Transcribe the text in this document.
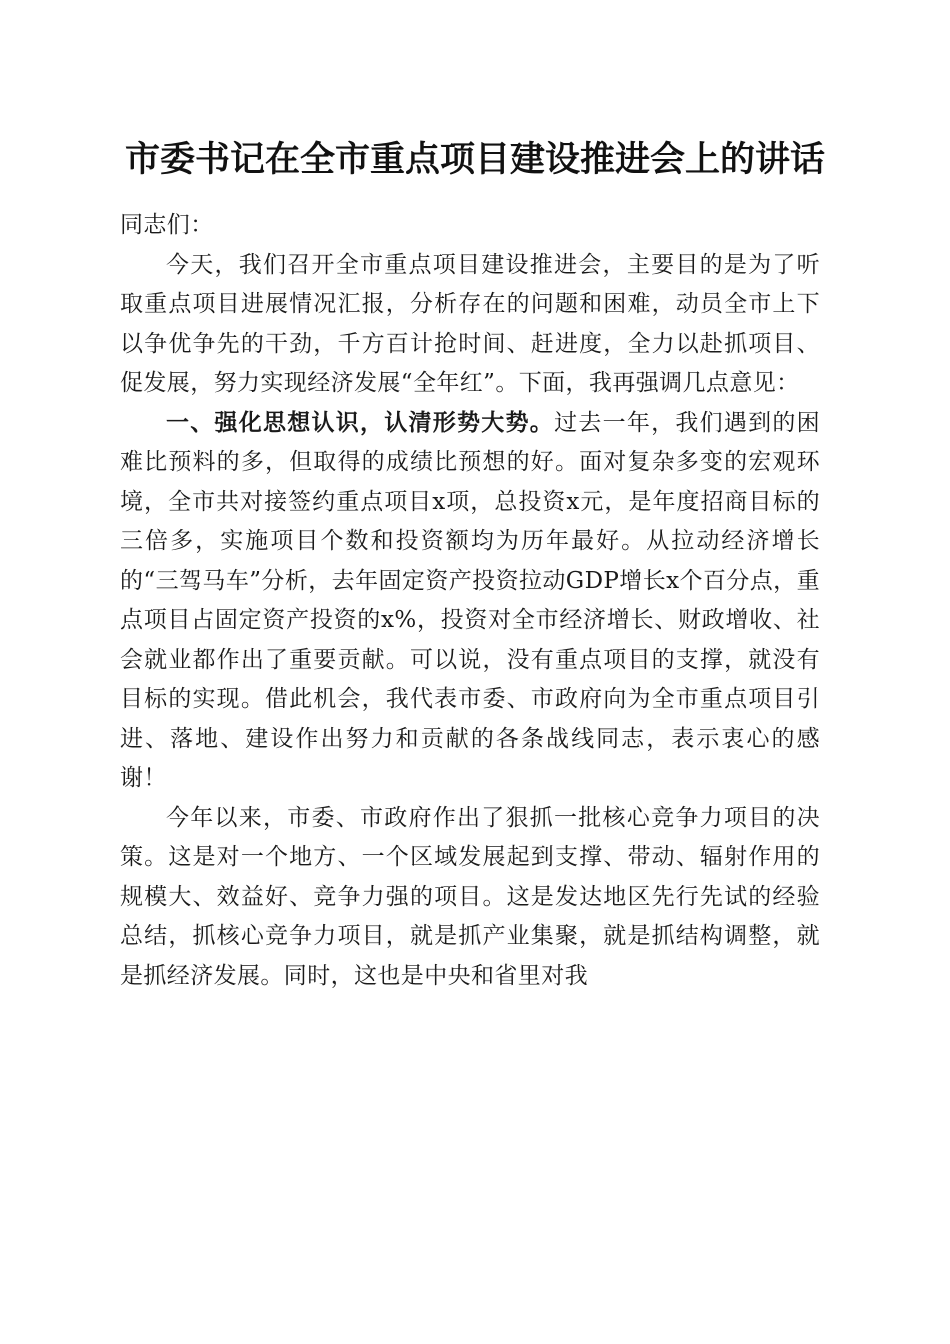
市委书记在全市重点项目建设推进会上的讲话

同志们：

今天，我们召开全市重点项目建设推进会，主要目的是为了听取重点项目进展情况汇报，分析存在的问题和困难，动员全市上下以争优争先的干劲，千方百计抢时间、赶进度，全力以赴抓项目、促发展，努力实现经济发展“全年红”。下面，我再强调几点意见：

一、强化思想认识，认清形势大势。过去一年，我们遇到的困难比预料的多，但取得的成绩比预想的好。面对复杂多变的宏观环境，全市共对接签约重点项目x项，总投资x元，是年度招商目标的三倍多，实施项目个数和投资额均为历年最好。从拉动经济增长的“三驾马车”分析，去年固定资产投资拉动GDP增长x个百分点，重点项目占固定资产投资的x%，投资对全市经济增长、财政增收、社会就业都作出了重要贡献。可以说，没有重点项目的支撑，就没有目标的实现。借此机会，我代表市委、市政府向为全市重点项目引进、落地、建设作出努力和贡献的各条战线同志，表示衷心的感谢！

今年以来，市委、市政府作出了狠抓一批核心竞争力项目的决策。这是对一个地方、一个区域发展起到支撑、带动、辐射作用的规模大、效益好、竞争力强的项目。这是发达地区先行先试的经验总结，抓核心竞争力项目，就是抓产业集聚，就是抓结构调整，就是抓经济发展。同时，这也是中央和省里对我
